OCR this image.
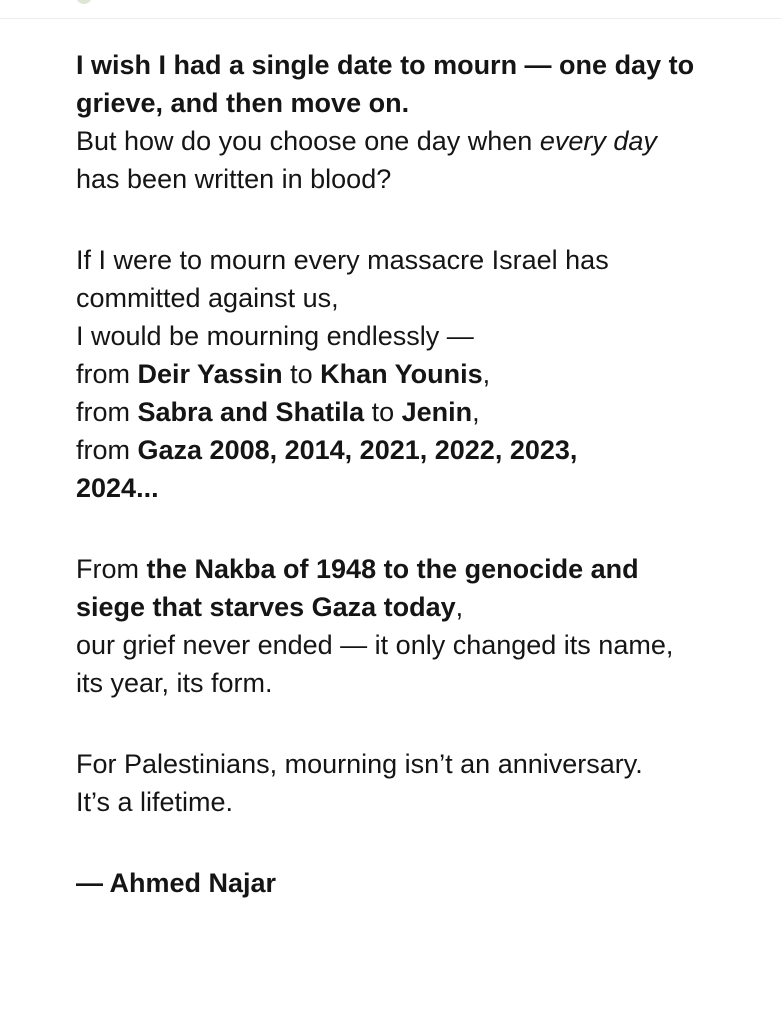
I wish I had a single date to mourn — one day to
grieve, and then move on.
But how do you choose one day when every day
has been written in blood?
If I were to mourn every massacre Israel has
committed against us,
I would be mourning endlessly —
from Deir Yassin to Khan Younis,
from Sabra and Shatila to Jenin,
from Gaza 2008, 2014, 2021, 2022, 2023,
2024...
From the Nakba of 1948 to the genocide and
siege that starves Gaza today,
our grief never ended — it only changed its name,
its year, its form.
For Palestinians, mourning isn’t an anniversary.
It’s a lifetime.
— Ahmed Najar
